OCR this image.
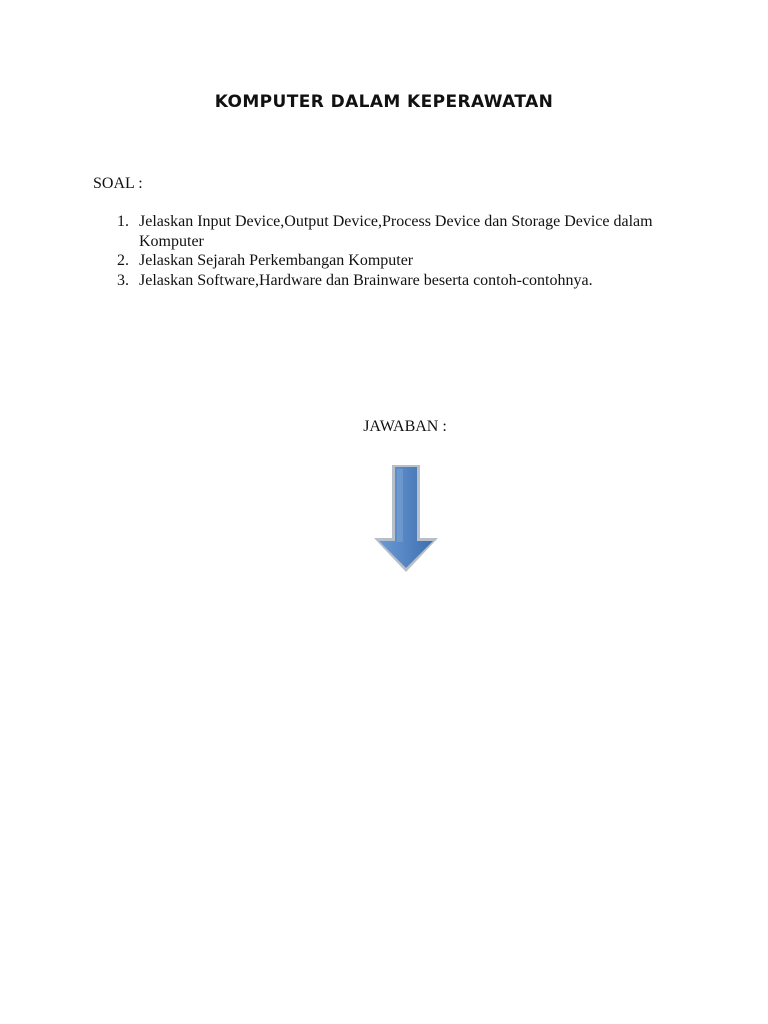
KOMPUTER DALAM KEPERAWATAN

SOAL :

1. Jelaskan Input Device,Output Device,Process Device dan Storage Device dalam Komputer
2. Jelaskan Sejarah Perkembangan Komputer
3. Jelaskan Software,Hardware dan Brainware beserta contoh-contohnya.

JAWABAN :
